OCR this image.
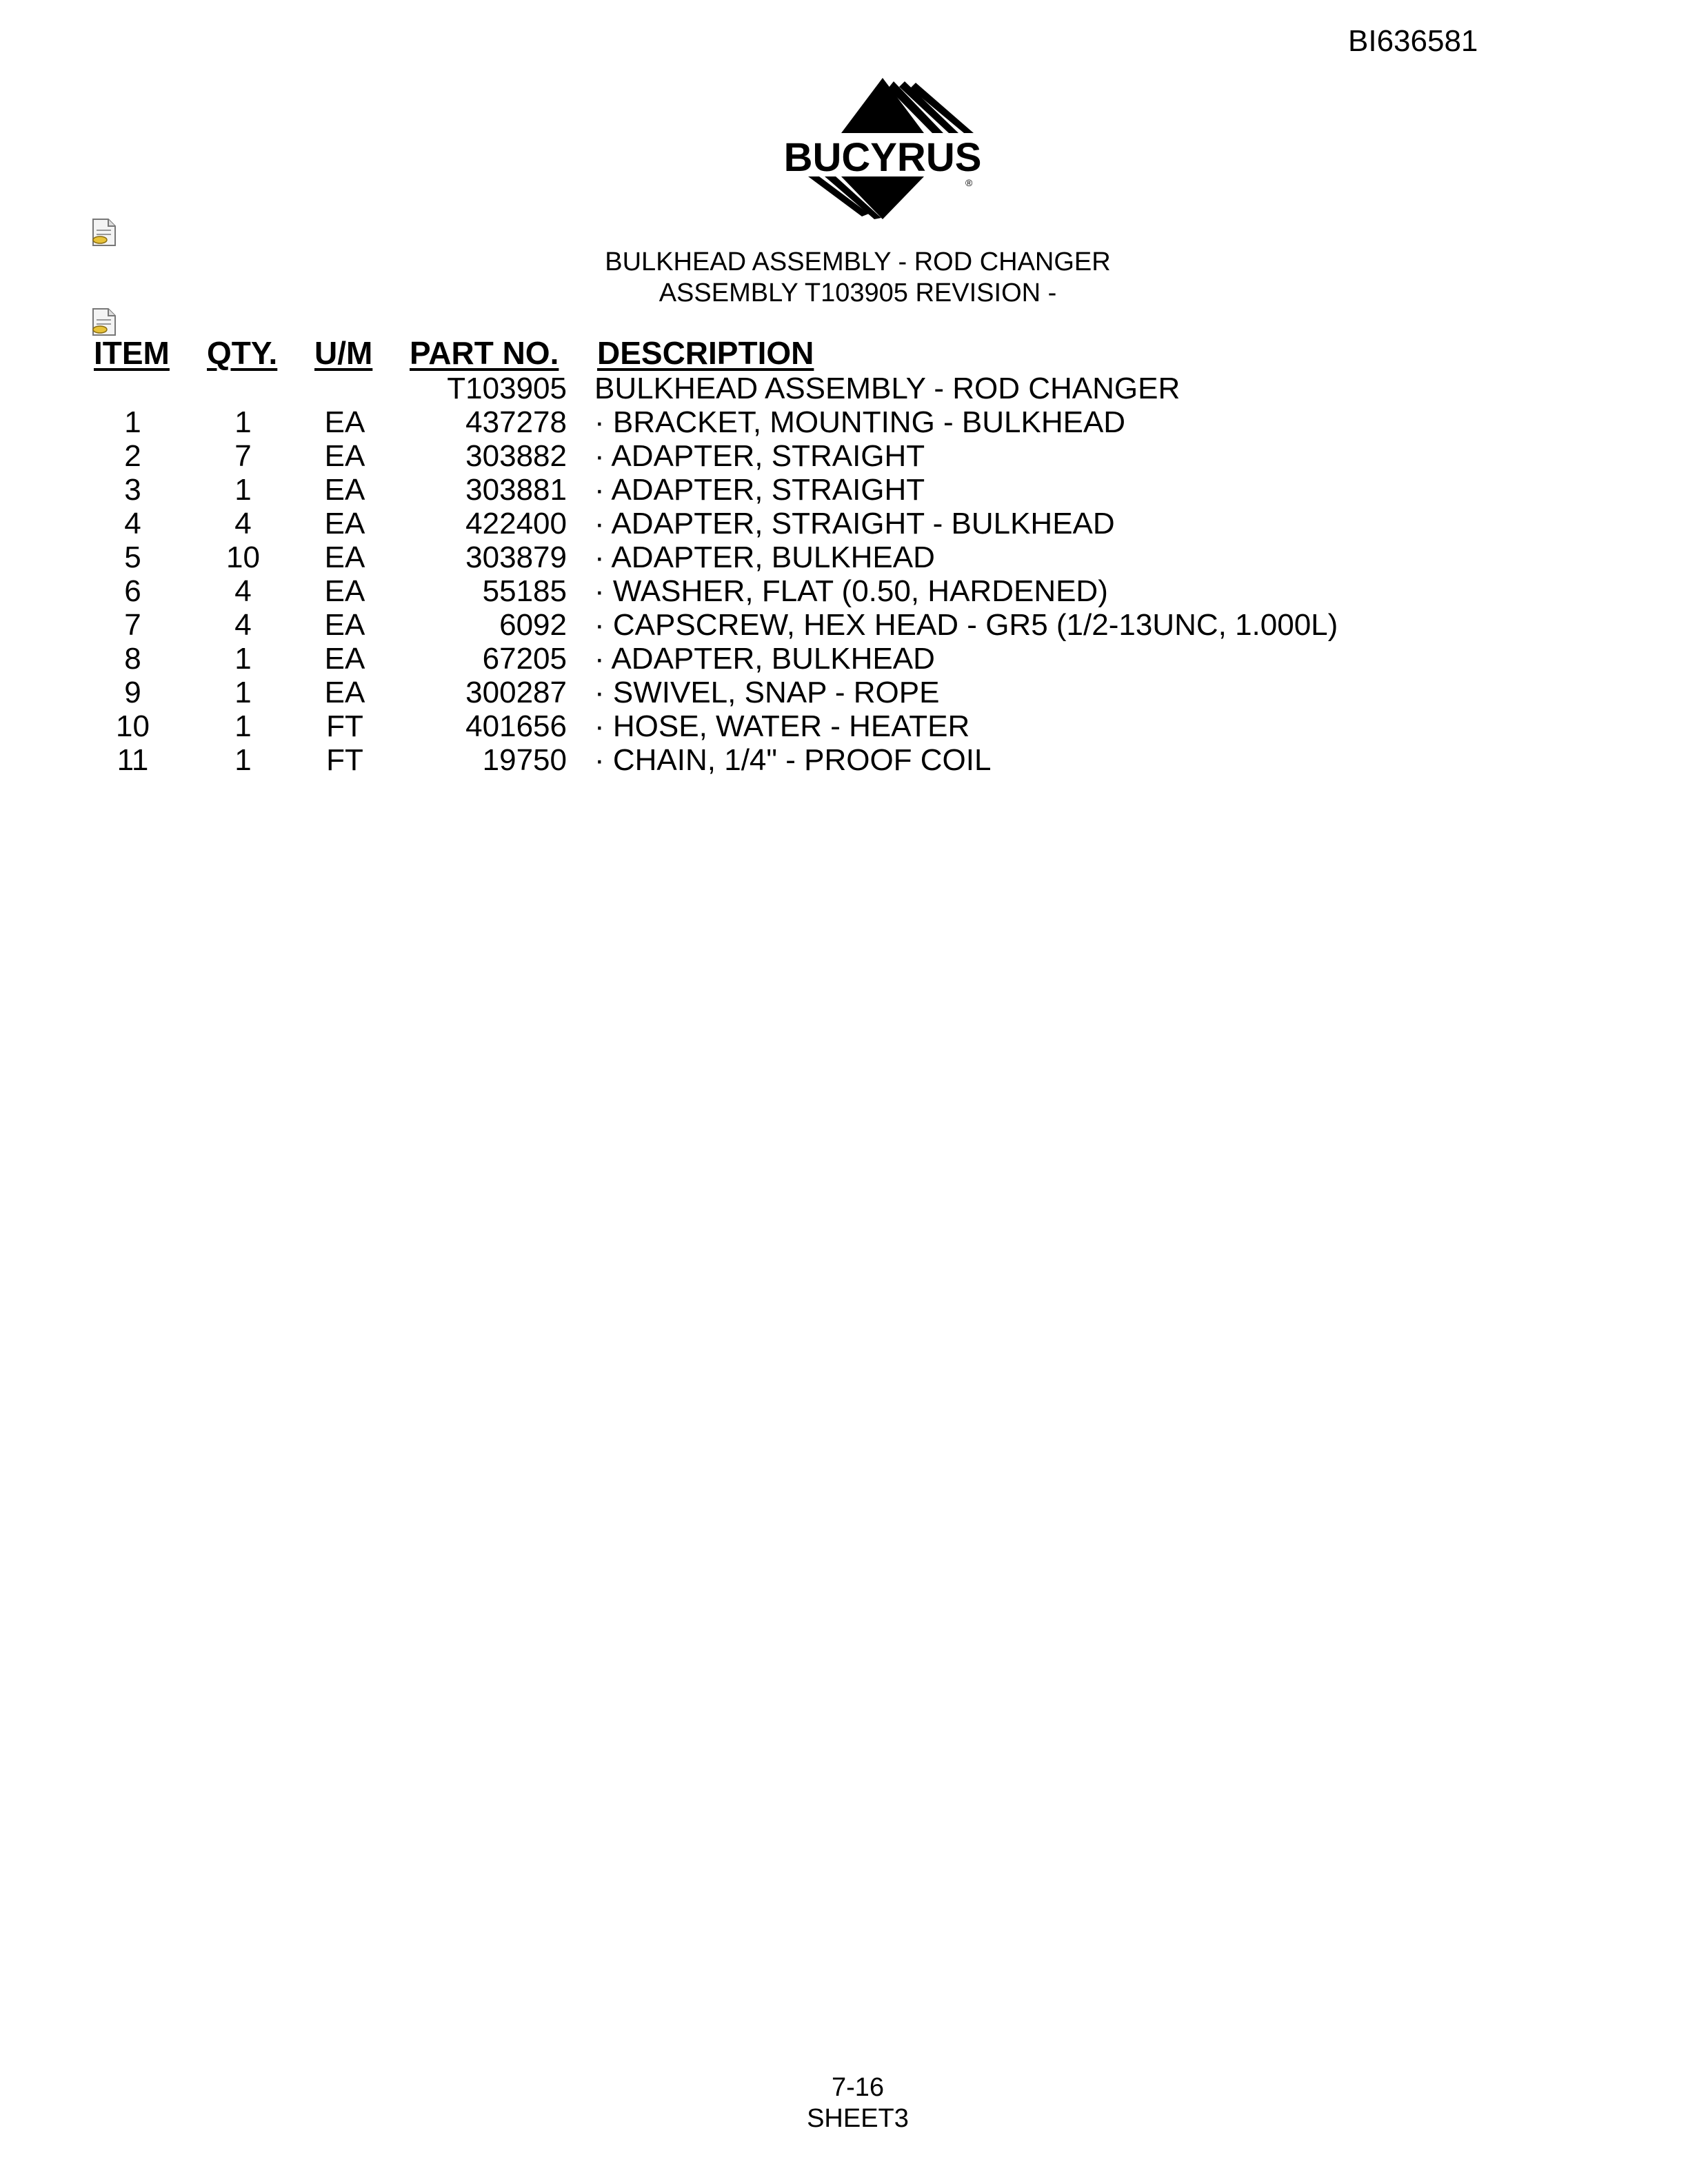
BI636581
BUCYRUS
®
BULKHEAD ASSEMBLY - ROD CHANGER
ASSEMBLY T103905 REVISION -
ITEM QTY. U/M PART NO. DESCRIPTION
T103905 BULKHEAD ASSEMBLY - ROD CHANGER
1	1	EA	437278 · BRACKET, MOUNTING - BULKHEAD
2	7	EA	303882 · ADAPTER, STRAIGHT
3	1	EA	303881 · ADAPTER, STRAIGHT
4	4	EA	422400 · ADAPTER, STRAIGHT - BULKHEAD
5	10	EA	303879 · ADAPTER, BULKHEAD
6	4	EA	55185 · WASHER, FLAT (0.50, HARDENED)
7	4	EA	6092 · CAPSCREW, HEX HEAD - GR5 (1/2-13UNC, 1.000L)
8	1	EA	67205 · ADAPTER, BULKHEAD
9	1	EA	300287 · SWIVEL, SNAP - ROPE
10	1	FT	401656 · HOSE, WATER - HEATER
11	1	FT	19750 · CHAIN, 1/4" - PROOF COIL
7-16
SHEET3
